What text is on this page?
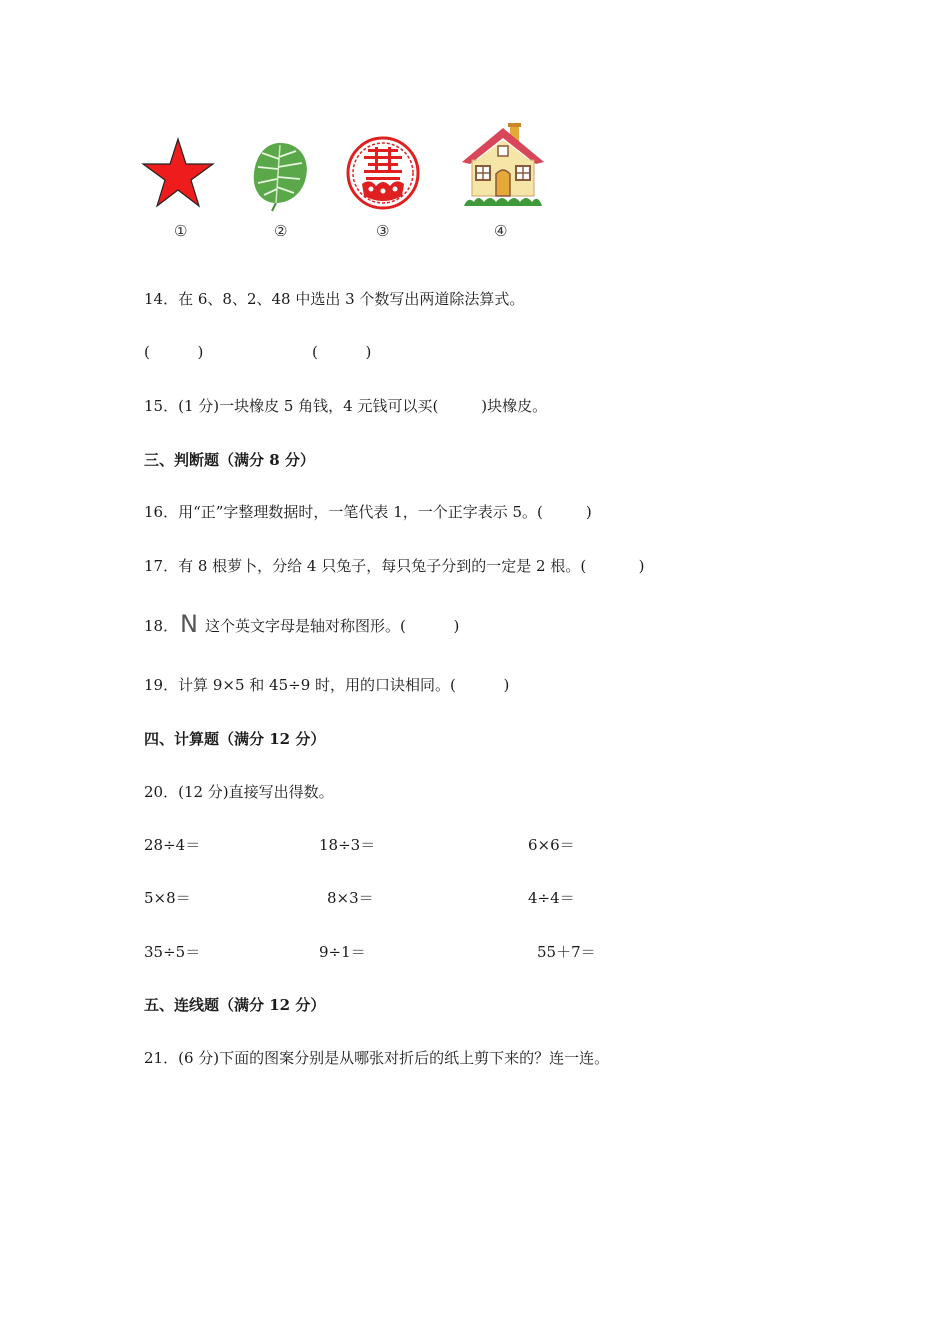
①	②	③	④
14．在 6、8、2、48 中选出 3 个数写出两道除法算式。
(          )	(          )
15．(1 分)一块橡皮 5 角钱，4 元钱可以买(         )块橡皮。
三、判断题（满分 8 分）
16．用“正”字整理数据时，一笔代表 1，一个正字表示 5。(         )
17．有 8 根萝卜，分给 4 只兔子，每只兔子分到的一定是 2 根。(           )
18． N 这个英文字母是轴对称图形。(          )
19．计算 9×5 和 45÷9 时，用的口诀相同。(          )
四、计算题（满分 12 分）
20．(12 分)直接写出得数。
28÷4＝	18÷3＝	6×6＝
5×8＝	8×3＝	4÷4＝
35÷5＝	9÷1＝	55＋7＝
五、连线题（满分 12 分）
21．(6 分)下面的图案分别是从哪张对折后的纸上剪下来的？连一连。
